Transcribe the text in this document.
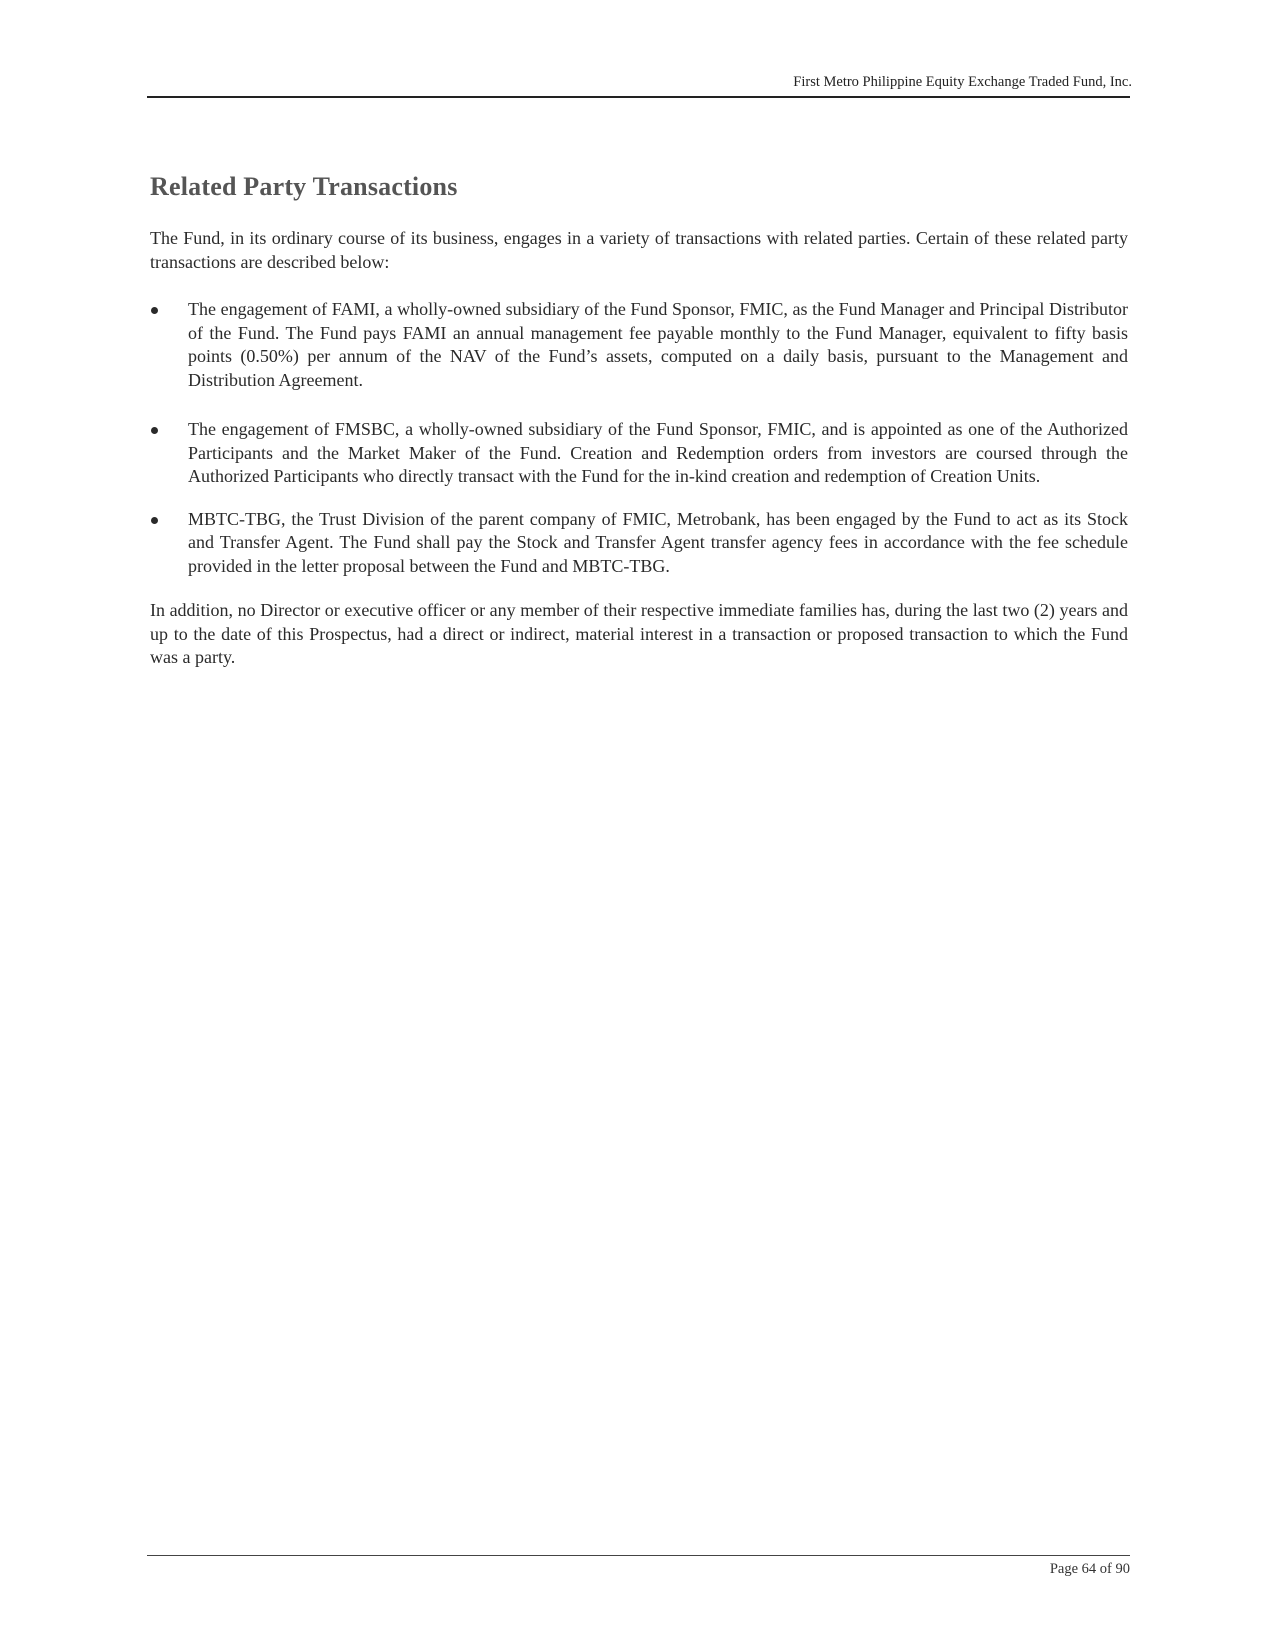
First Metro Philippine Equity Exchange Traded Fund, Inc.
Related Party Transactions

The Fund, in its ordinary course of its business, engages in a variety of transactions with related parties. Certain of these related party transactions are described below:

The engagement of FAMI, a wholly-owned subsidiary of the Fund Sponsor, FMIC, as the Fund Manager and Principal Distributor of the Fund. The Fund pays FAMI an annual management fee payable monthly to the Fund Manager, equivalent to fifty basis points (0.50%) per annum of the NAV of the Fund’s assets, computed on a daily basis, pursuant to the Management and Distribution Agreement.

The engagement of FMSBC, a wholly-owned subsidiary of the Fund Sponsor, FMIC, and is appointed as one of the Authorized Participants and the Market Maker of the Fund. Creation and Redemption orders from investors are coursed through the Authorized Participants who directly transact with the Fund for the in-kind creation and redemption of Creation Units.

MBTC-TBG, the Trust Division of the parent company of FMIC, Metrobank, has been engaged by the Fund to act as its Stock and Transfer Agent. The Fund shall pay the Stock and Transfer Agent transfer agency fees in accordance with the fee schedule provided in the letter proposal between the Fund and MBTC-TBG.

In addition, no Director or executive officer or any member of their respective immediate families has, during the last two (2) years and up to the date of this Prospectus, had a direct or indirect, material interest in a transaction or proposed transaction to which the Fund was a party.

Page 64 of 90
